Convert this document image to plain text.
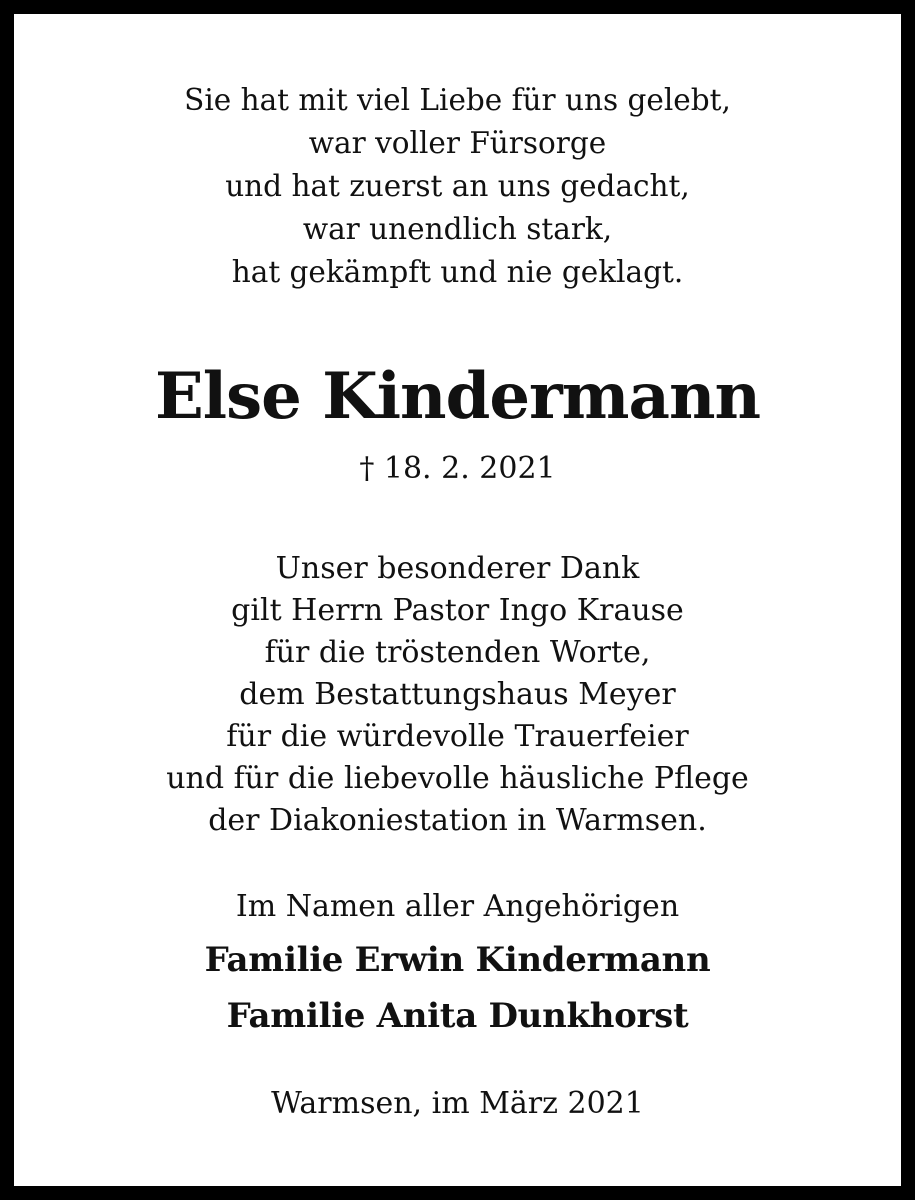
Sie hat mit viel Liebe für uns gelebt,

war voller Fürsorge

und hat zuerst an uns gedacht,

war unendlich stark,

hat gekämpft und nie geklagt.

Else Kindermann

† 18. 2. 2021

Unser besonderer Dank

gilt Herrn Pastor Ingo Krause

für die tröstenden Worte,

dem Bestattungshaus Meyer

für die würdevolle Trauerfeier

und für die liebevolle häusliche Pflege

der Diakoniestation in Warmsen.

Im Namen aller Angehörigen

Familie Erwin Kindermann

Familie Anita Dunkhorst

Warmsen, im März 2021
